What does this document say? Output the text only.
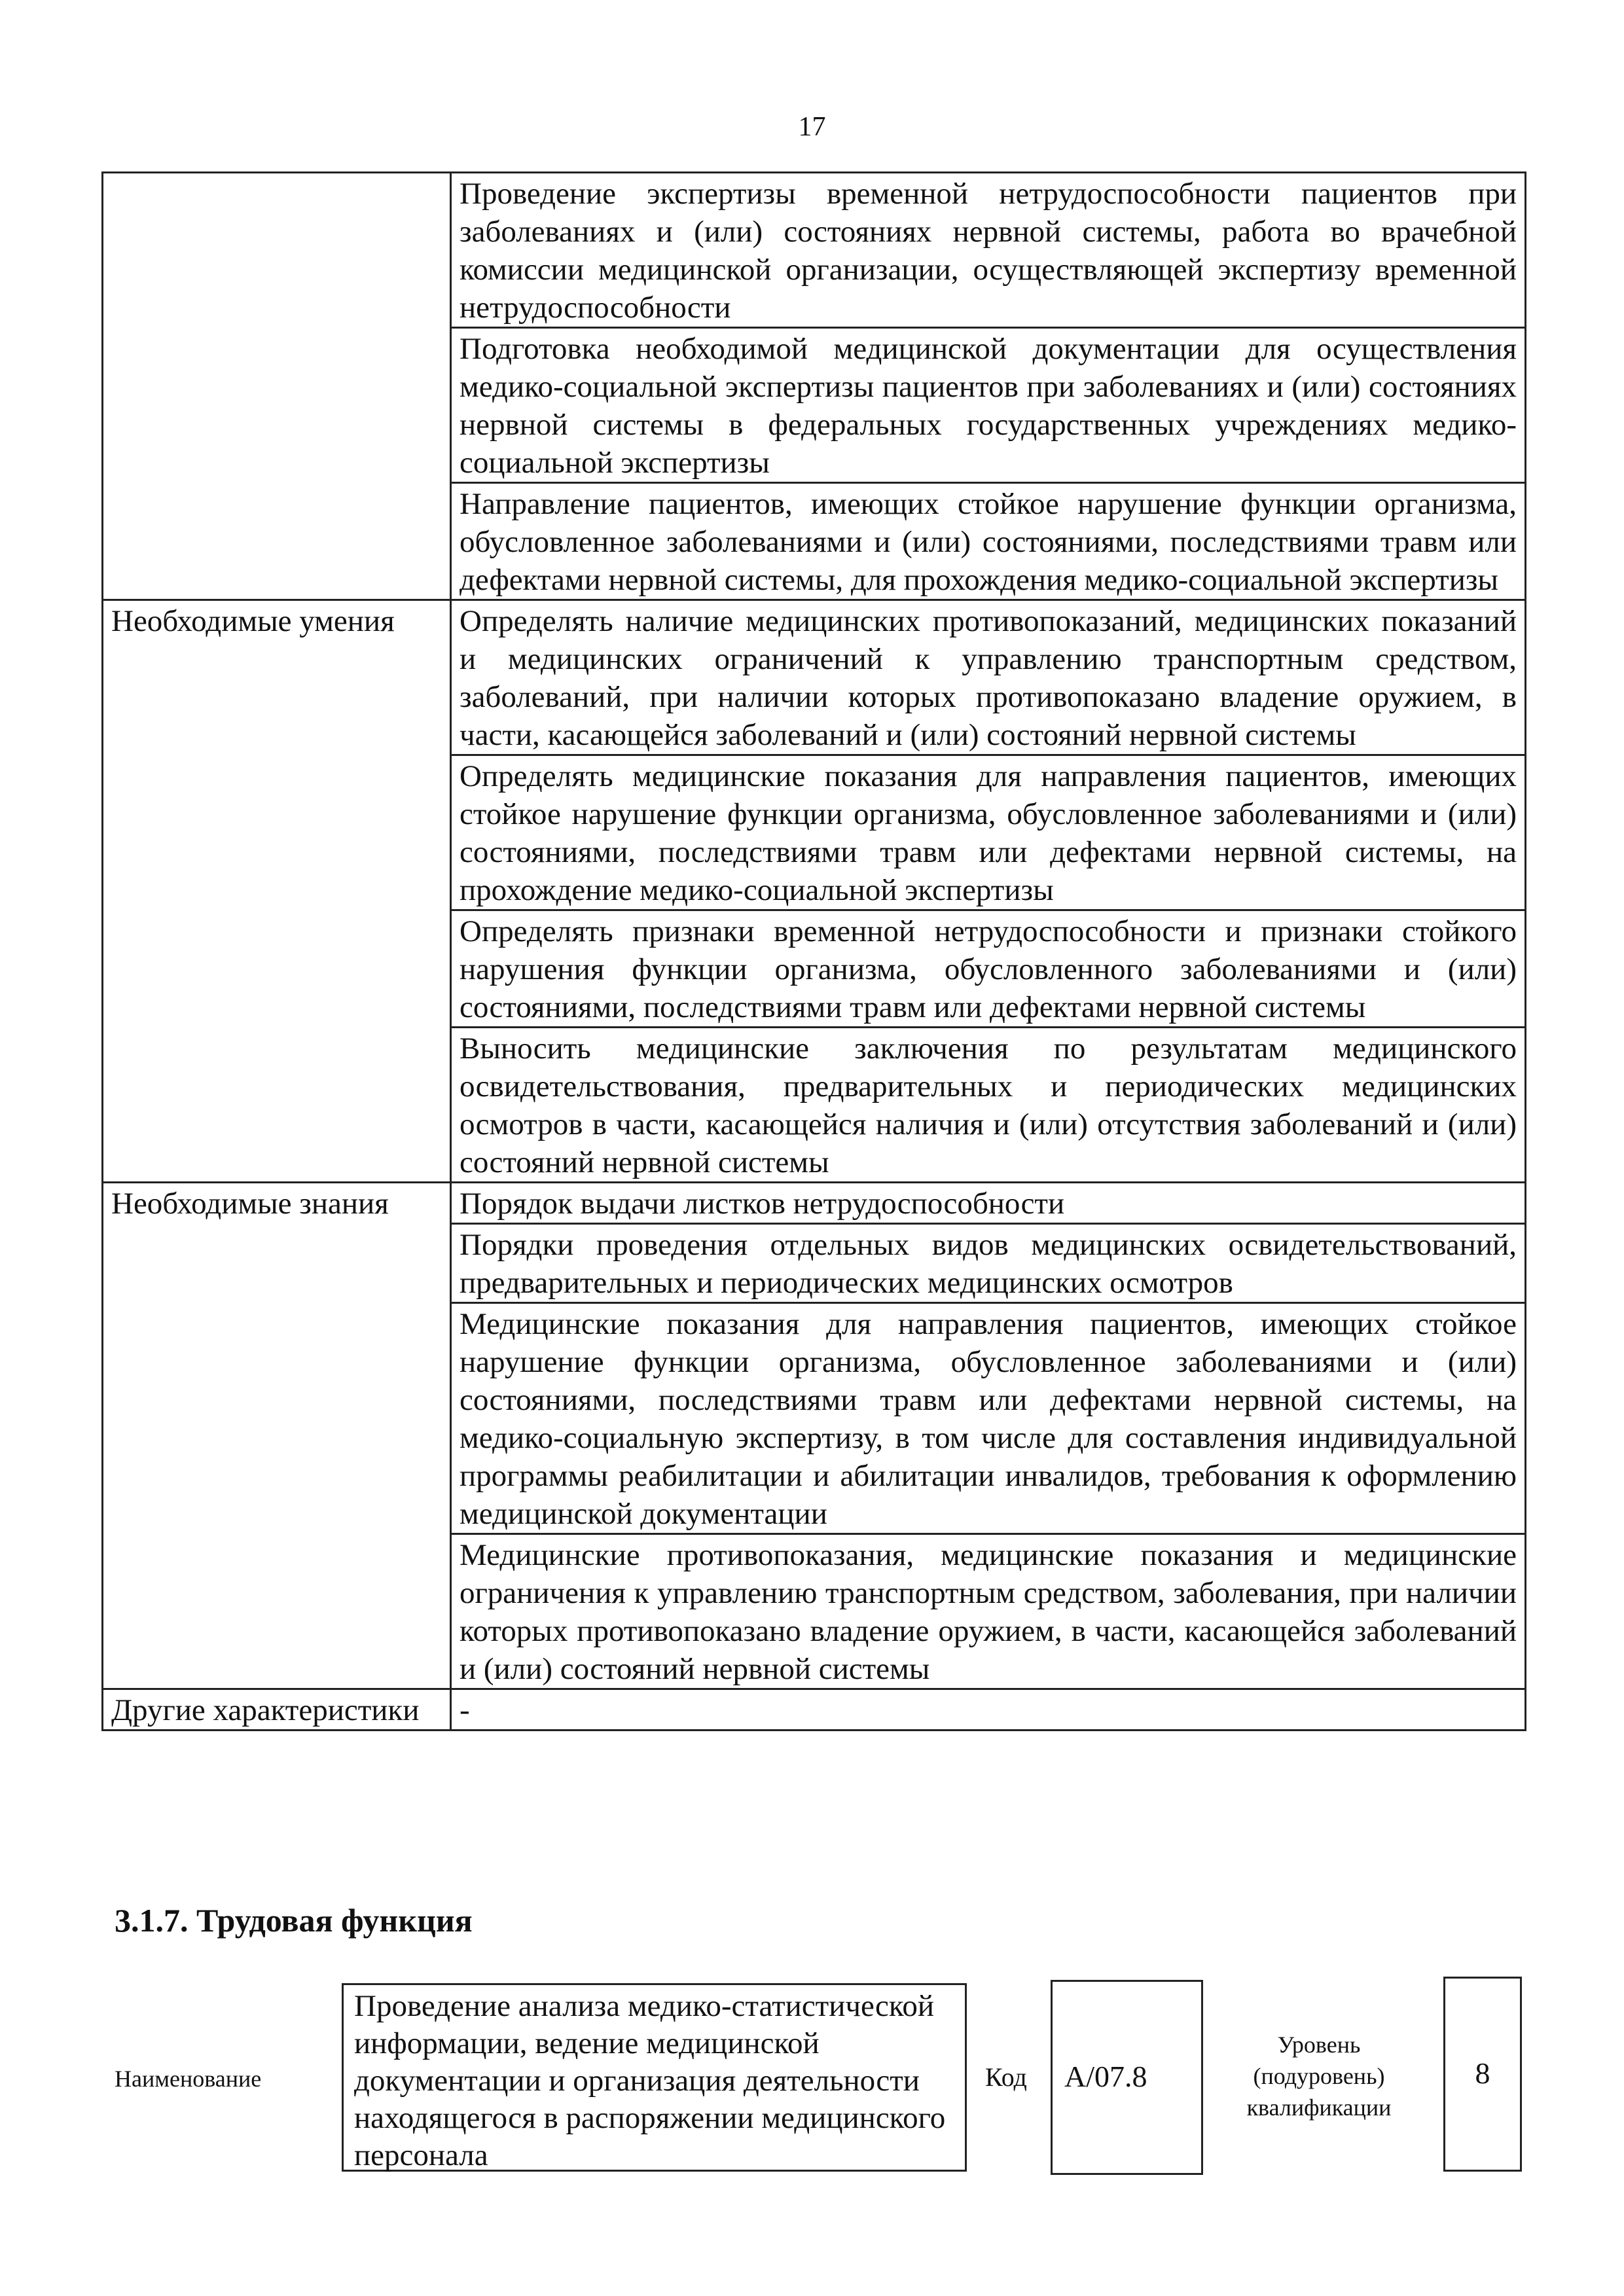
17
	Проведение экспертизы временной нетрудоспособности пациентов при заболеваниях и (или) состояниях нервной системы, работа во врачебной комиссии медицинской организации, осуществляющей экспертизу временной нетрудоспособности
	Подготовка необходимой медицинской документации для осуществления медико-социальной экспертизы пациентов при заболеваниях и (или) состояниях нервной системы в федеральных государственных учреждениях медико-социальной экспертизы
	Направление пациентов, имеющих стойкое нарушение функции организма, обусловленное заболеваниями и (или) состояниями, последствиями травм или дефектами нервной системы, для прохождения медико-социальной экспертизы
Необходимые умения	Определять наличие медицинских противопоказаний, медицинских показаний и медицинских ограничений к управлению транспортным средством, заболеваний, при наличии которых противопоказано владение оружием, в части, касающейся заболеваний и (или) состояний нервной системы
	Определять медицинские показания для направления пациентов, имеющих стойкое нарушение функции организма, обусловленное заболеваниями и (или) состояниями, последствиями травм или дефектами нервной системы, на прохождение медико-социальной экспертизы
	Определять признаки временной нетрудоспособности и признаки стойкого нарушения функции организма, обусловленного заболеваниями и (или) состояниями, последствиями травм или дефектами нервной системы
	Выносить медицинские заключения по результатам медицинского освидетельствования, предварительных и периодических медицинских осмотров в части, касающейся наличия и (или) отсутствия заболеваний и (или) состояний нервной системы
Необходимые знания	Порядок выдачи листков нетрудоспособности
	Порядки проведения отдельных видов медицинских освидетельствований, предварительных и периодических медицинских осмотров
	Медицинские показания для направления пациентов, имеющих стойкое нарушение функции организма, обусловленное заболеваниями и (или) состояниями, последствиями травм или дефектами нервной системы, на медико-социальную экспертизу, в том числе для составления индивидуальной программы реабилитации и абилитации инвалидов, требования к оформлению медицинской документации
	Медицинские противопоказания, медицинские показания и медицинские ограничения к управлению транспортным средством, заболевания, при наличии которых противопоказано владение оружием, в части, касающейся заболеваний и (или) состояний нервной системы
Другие характеристики	-
3.1.7. Трудовая функция
Наименование
Проведение анализа медико-статистической информации, ведение медицинской документации и организация деятельности находящегося в распоряжении медицинского персонала
Код	A/07.8
Уровень (подуровень) квалификации
8
